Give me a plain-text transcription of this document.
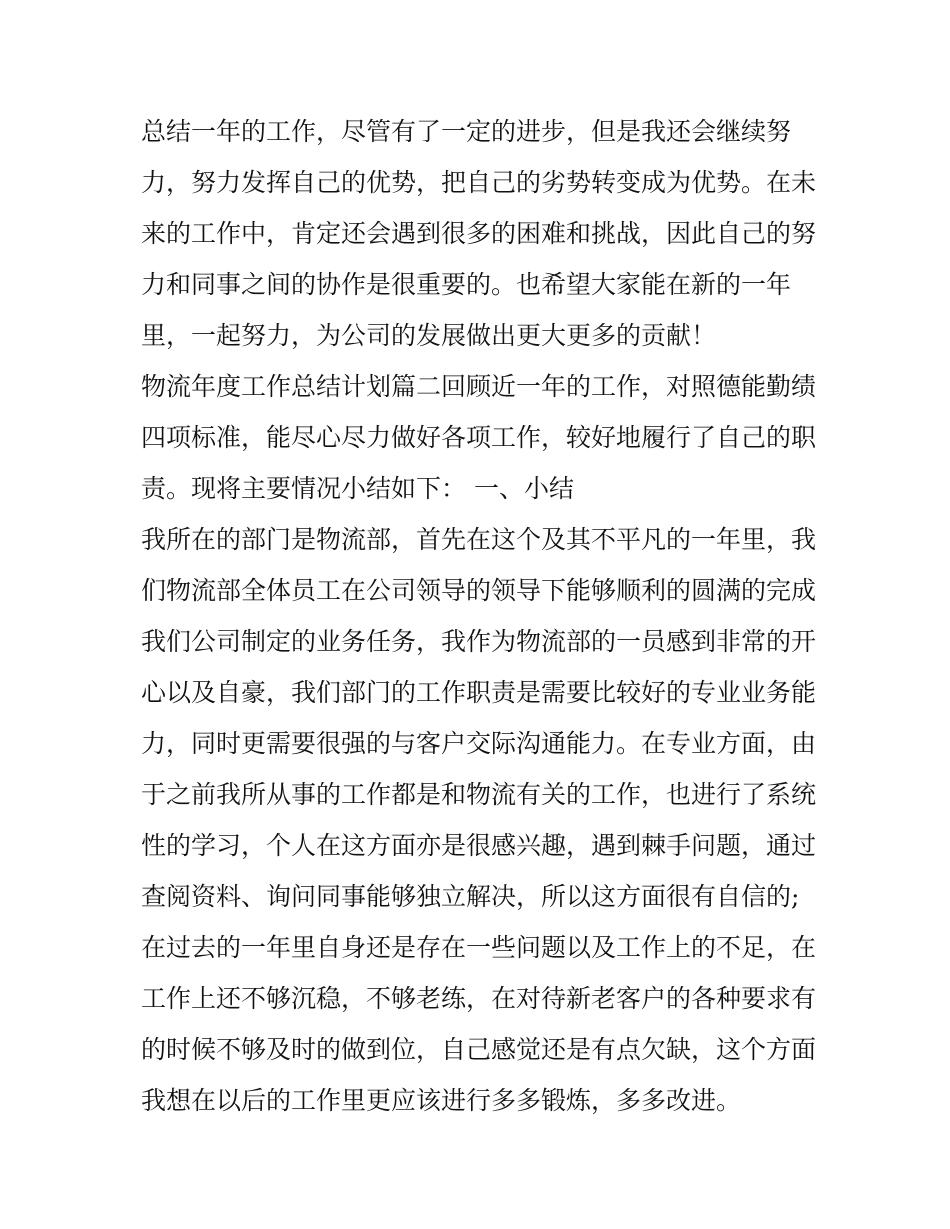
总结一年的工作，尽管有了一定的进步，但是我还会继续努
力，努力发挥自己的优势，把自己的劣势转变成为优势。在未
来的工作中，肯定还会遇到很多的困难和挑战，因此自己的努
力和同事之间的协作是很重要的。也希望大家能在新的一年
里，一起努力，为公司的发展做出更大更多的贡献！
物流年度工作总结计划篇二回顾近一年的工作，对照德能勤绩
四项标准，能尽心尽力做好各项工作，较好地履行了自己的职
责。现将主要情况小结如下： 一、小结
我所在的部门是物流部，首先在这个及其不平凡的一年里，我
们物流部全体员工在公司领导的领导下能够顺利的圆满的完成
我们公司制定的业务任务，我作为物流部的一员感到非常的开
心以及自豪，我们部门的工作职责是需要比较好的专业业务能
力，同时更需要很强的与客户交际沟通能力。在专业方面，由
于之前我所从事的工作都是和物流有关的工作，也进行了系统
性的学习，个人在这方面亦是很感兴趣，遇到棘手问题，通过
查阅资料、询问同事能够独立解决，所以这方面很有自信的;
在过去的一年里自身还是存在一些问题以及工作上的不足，在
工作上还不够沉稳，不够老练，在对待新老客户的各种要求有
的时候不够及时的做到位，自己感觉还是有点欠缺，这个方面
我想在以后的工作里更应该进行多多锻炼，多多改进。
